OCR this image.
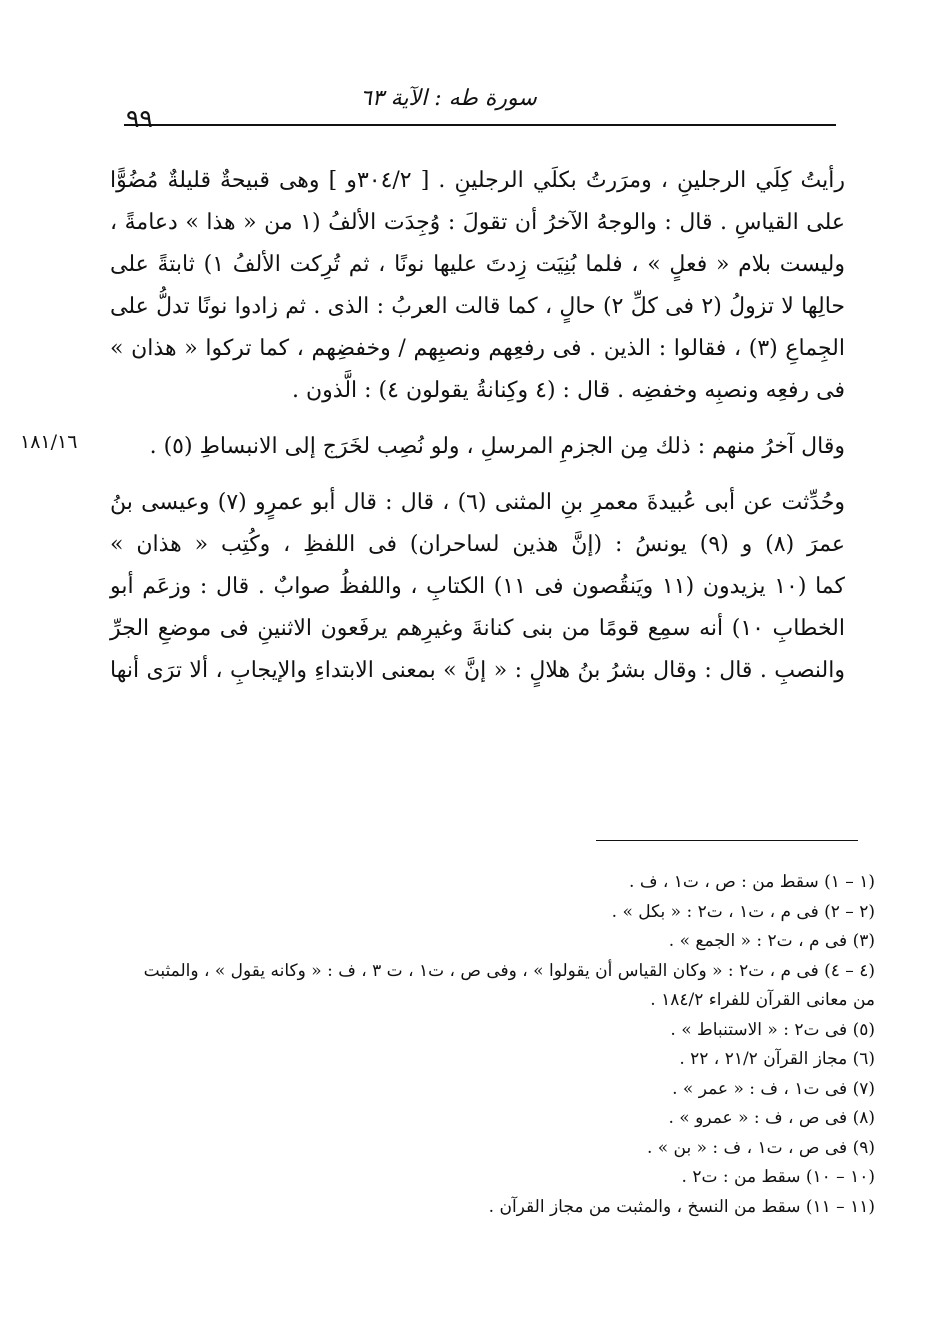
٩٩
سورة طه : الآية ٦٣
١٨١/١٦
رأيتُ كِلَي الرجلينِ ، ومرَرتُ بكلَي الرجلينِ . [ ٣٠٤/٢و ] وهى قبيحةٌ قليلةٌ مُضُوًّا
على القياسِ . قال : والوجهُ الآخرُ أن تقولَ : وُجِدَت الألفُ (١ من « هذا » دعامةً ،
وليست بلام « فعلٍ » ، فلما بُنِيَت زِدتَ عليها نونًا ، ثم تُرِكت الألفُ ١) ثابتةً على
حالِها لا تزولُ (٢ فى كلِّ ٢) حالٍ ، كما قالت العربُ : الذى . ثم زادوا نونًا تدلُّ على
الجِماعِ (٣) ، فقالوا : الذين . فى رفعِهم ونصبِهم / وخفضِهم ، كما تركوا « هذان »
فى رفعِه ونصبِه وخفضِه . قال : (٤ وكِنانةُ يقولون ٤) : الَّذون .
وقال آخرُ منهم : ذلك مِن الجزمِ المرسلِ ، ولو نُصِب لخَرَج إلى الانبساطِ (٥) .
وحُدِّثت عن أبى عُبيدةَ معمرِ بنِ المثنى (٦) ، قال : قال أبو عمرٍو (٧) وعيسى بنُ
عمرَ (٨) و (٩) يونسُ : (إنَّ هذين لساحران) فى اللفظِ ، وكُتِب « هذان »
كما (١٠ يزيدون (١١ ويَنقُصون فى ١١) الكتابِ ، واللفظُ صوابٌ . قال : وزعَم أبو
الخطابِ ١٠) أنه سمِع قومًا من بنى كنانةَ وغيرِهم يرفَعون الاثنينِ فى موضعِ الجرِّ
والنصبِ . قال : وقال بشرُ بنُ هلالٍ : « إنَّ » بمعنى الابتداءِ والإيجابِ ، ألا ترَى أنها
(١ – ١) سقط من : ص ، ت١ ، ف .
(٢ – ٢) فى م ، ت١ ، ت٢ : « بكل » .
(٣) فى م ، ت٢ : « الجمع » .
(٤ – ٤) فى م ، ت٢ : « وكان القياس أن يقولوا » ، وفى ص ، ت١ ، ت ٣ ، ف : « وكانه يقول » ، والمثبت
من معانى القرآن للفراء ١٨٤/٢ .
(٥) فى ت٢ : « الاستنباط » .
(٦) مجاز القرآن ٢١/٢ ، ٢٢ .
(٧) فى ت١ ، ف : « عمر » .
(٨) فى ص ، ف : « عمرو » .
(٩) فى ص ، ت١ ، ف : « بن » .
(١٠ – ١٠) سقط من : ت٢ .
(١١ – ١١) سقط من النسخ ، والمثبت من مجاز القرآن .
